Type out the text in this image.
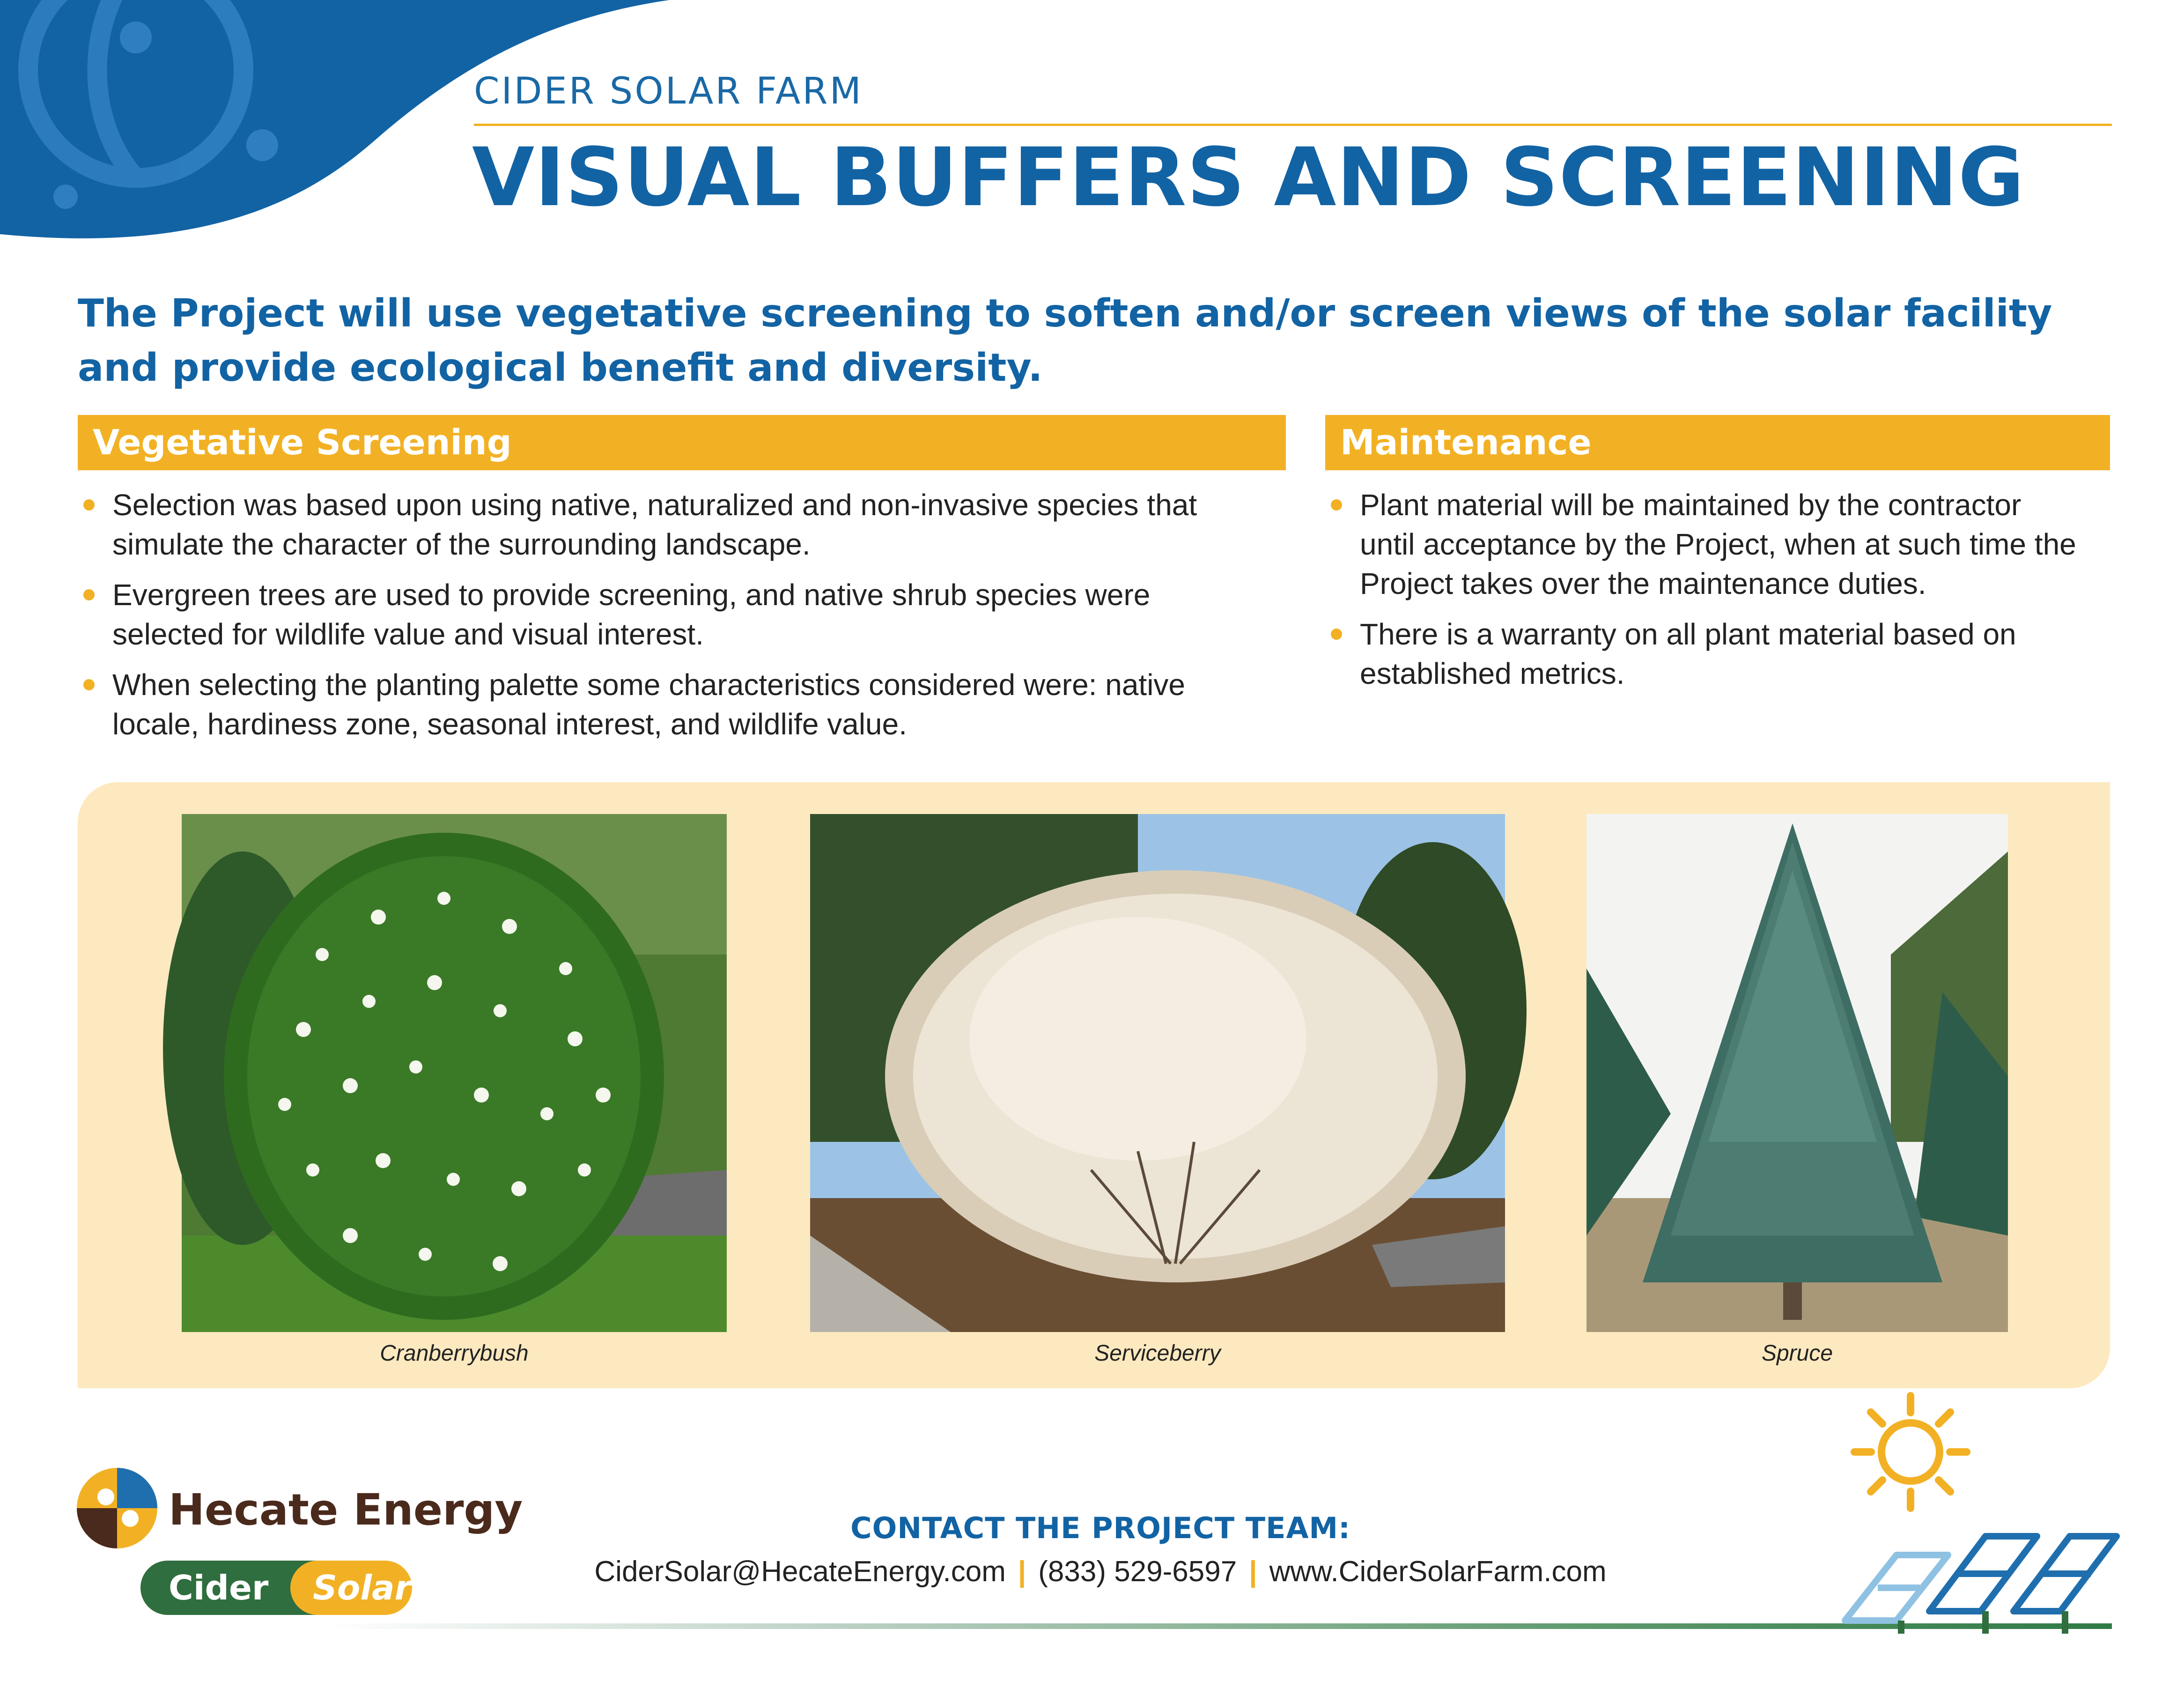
CIDER SOLAR FARM
VISUAL BUFFERS AND SCREENING
The Project will use vegetative screening to soften and/or screen views of the solar facility and provide ecological benefit and diversity.
Vegetative Screening	Maintenance
Selection was based upon using native, naturalized and non-invasive species that simulate the character of the surrounding landscape.
Evergreen trees are used to provide screening, and native shrub species were selected for wildlife value and visual interest.
When selecting the planting palette some characteristics considered were: native locale, hardiness zone, seasonal interest, and wildlife value.
Plant material will be maintained by the contractor until acceptance by the Project, when at such time the Project takes over the maintenance duties.
There is a warranty on all plant material based on established metrics.
Cranberrybush	Serviceberry	Spruce
Hecate Energy
Cider Solar
CONTACT THE PROJECT TEAM:
CiderSolar@HecateEnergy.com | (833) 529-6597 | www.CiderSolarFarm.com
